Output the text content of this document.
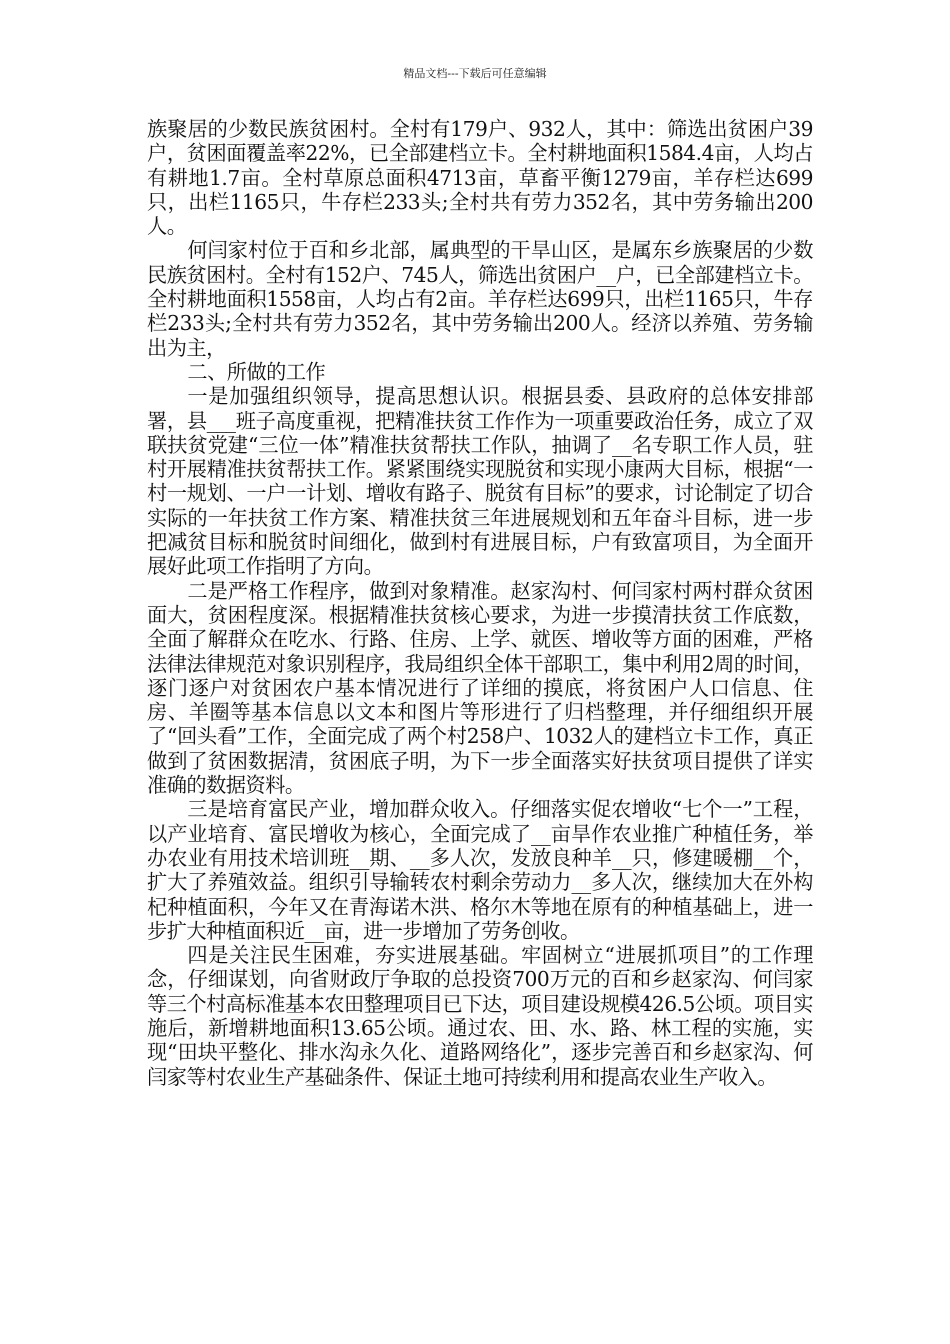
精品文档---下载后可任意编辑

族聚居的少数民族贫困村。全村有179户、932人，其中：筛选出贫困户39户，贫困面覆盖率22%，已全部建档立卡。全村耕地面积1584.4亩，人均占有耕地1.7亩。全村草原总面积4713亩，草畜平衡1279亩，羊存栏达699只，出栏1165只，牛存栏233头;全村共有劳力352名，其中劳务输出200人。

何闫家村位于百和乡北部，属典型的干旱山区，是属东乡族聚居的少数民族贫困村。全村有152户、745人，筛选出贫困户__户，已全部建档立卡。全村耕地面积1558亩，人均占有2亩。羊存栏达699只，出栏1165只，牛存栏233头;全村共有劳力352名，其中劳务输出200人。经济以养殖、劳务输出为主，

二、所做的工作

一是加强组织领导，提高思想认识。根据县委、县政府的总体安排部署，县___班子高度重视，把精准扶贫工作作为一项重要政治任务，成立了双联扶贫党建“三位一体”精准扶贫帮扶工作队，抽调了__名专职工作人员，驻村开展精准扶贫帮扶工作。紧紧围绕实现脱贫和实现小康两大目标，根据“一村一规划、一户一计划、增收有路子、脱贫有目标”的要求，讨论制定了切合实际的一年扶贫工作方案、精准扶贫三年进展规划和五年奋斗目标，进一步把减贫目标和脱贫时间细化，做到村有进展目标，户有致富项目，为全面开展好此项工作指明了方向。

二是严格工作程序，做到对象精准。赵家沟村、何闫家村两村群众贫困面大，贫困程度深。根据精准扶贫核心要求，为进一步摸清扶贫工作底数，全面了解群众在吃水、行路、住房、上学、就医、增收等方面的困难，严格法律法律规范对象识别程序，我局组织全体干部职工，集中利用2周的时间，逐门逐户对贫困农户基本情况进行了详细的摸底，将贫困户人口信息、住房、羊圈等基本信息以文本和图片等形进行了归档整理，并仔细组织开展了“回头看”工作，全面完成了两个村258户、1032人的建档立卡工作，真正做到了贫困数据清，贫困底子明，为下一步全面落实好扶贫项目提供了详实准确的数据资料。

三是培育富民产业，增加群众收入。仔细落实促农增收“七个一”工程，以产业培育、富民增收为核心，全面完成了__亩旱作农业推广种植任务，举办农业有用技术培训班__期、__多人次，发放良种羊__只，修建暖棚__个，扩大了养殖效益。组织引导输转农村剩余劳动力__多人次，继续加大在外构杞种植面积，今年又在青海诺木洪、格尔木等地在原有的种植基础上，进一步扩大种植面积近__亩，进一步增加了劳务创收。

四是关注民生困难，夯实进展基础。牢固树立“进展抓项目”的工作理念，仔细谋划，向省财政厅争取的总投资700万元的百和乡赵家沟、何闫家等三个村高标准基本农田整理项目已下达，项目建设规模426.5公顷。项目实施后，新增耕地面积13.65公顷。通过农、田、水、路、林工程的实施，实现“田块平整化、排水沟永久化、道路网络化”，逐步完善百和乡赵家沟、何闫家等村农业生产基础条件、保证土地可持续利用和提高农业生产收入。
